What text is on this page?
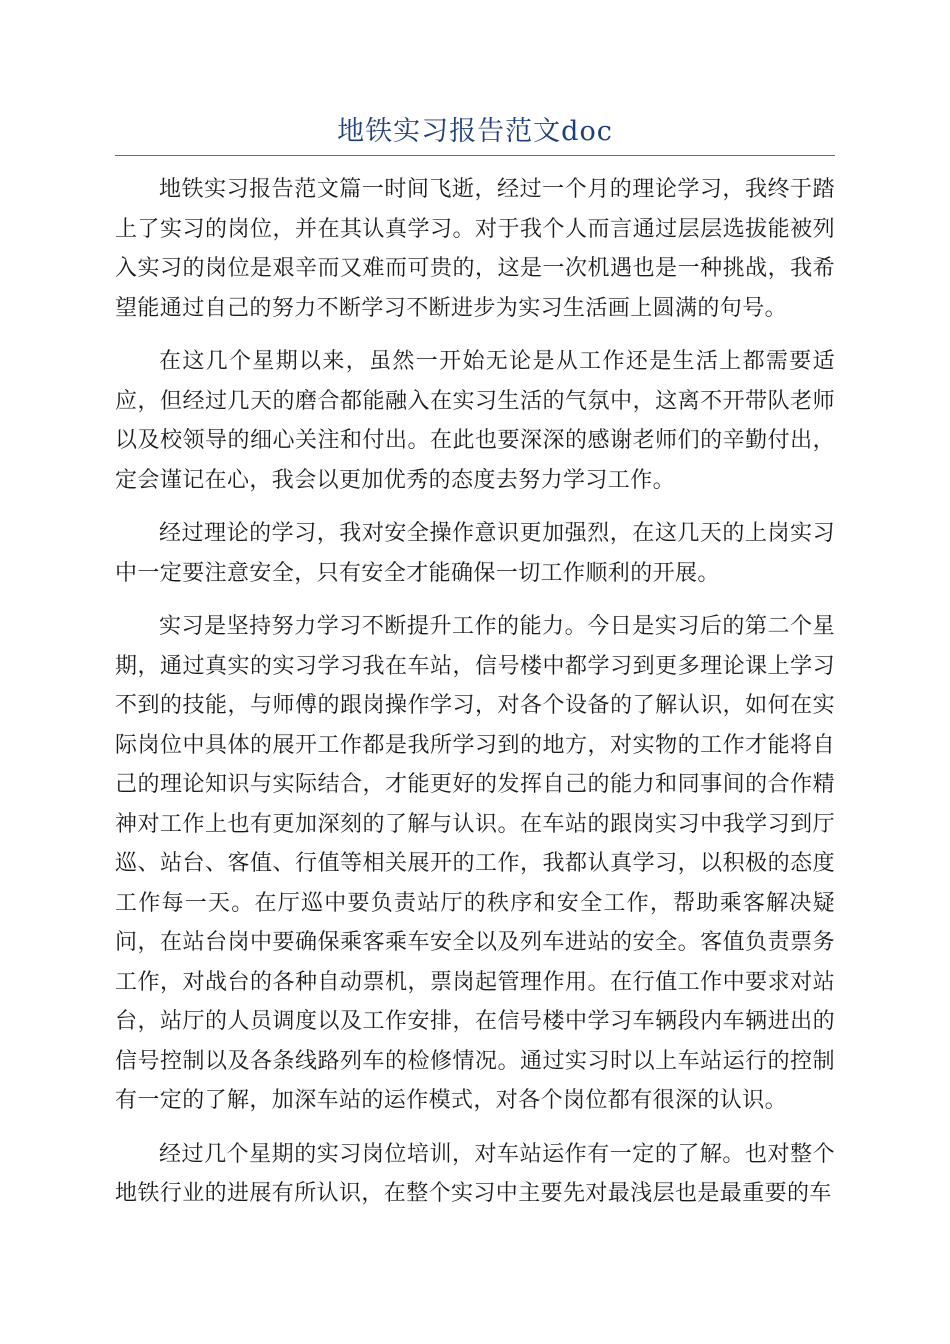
地铁实习报告范文doc

地铁实习报告范文篇一时间飞逝，经过一个月的理论学习，我终于踏上了实习的岗位，并在其认真学习。对于我个人而言通过层层选拔能被列入实习的岗位是艰辛而又难而可贵的，这是一次机遇也是一种挑战，我希望能通过自己的努力不断学习不断进步为实习生活画上圆满的句号。

在这几个星期以来，虽然一开始无论是从工作还是生活上都需要适应，但经过几天的磨合都能融入在实习生活的气氛中，这离不开带队老师以及校领导的细心关注和付出。在此也要深深的感谢老师们的辛勤付出，定会谨记在心，我会以更加优秀的态度去努力学习工作。

经过理论的学习，我对安全操作意识更加强烈，在这几天的上岗实习中一定要注意安全，只有安全才能确保一切工作顺利的开展。

实习是坚持努力学习不断提升工作的能力。今日是实习后的第二个星期，通过真实的实习学习我在车站，信号楼中都学习到更多理论课上学习不到的技能，与师傅的跟岗操作学习，对各个设备的了解认识，如何在实际岗位中具体的展开工作都是我所学习到的地方，对实物的工作才能将自己的理论知识与实际结合，才能更好的发挥自己的能力和同事间的合作精神对工作上也有更加深刻的了解与认识。在车站的跟岗实习中我学习到厅巡、站台、客值、行值等相关展开的工作，我都认真学习，以积极的态度工作每一天。在厅巡中要负责站厅的秩序和安全工作，帮助乘客解决疑问，在站台岗中要确保乘客乘车安全以及列车进站的安全。客值负责票务工作，对战台的各种自动票机，票岗起管理作用。在行值工作中要求对站台，站厅的人员调度以及工作安排，在信号楼中学习车辆段内车辆进出的信号控制以及各条线路列车的检修情况。通过实习时以上车站运行的控制有一定的了解，加深车站的运作模式，对各个岗位都有很深的认识。

经过几个星期的实习岗位培训，对车站运作有一定的了解。也对整个地铁行业的进展有所认识，在整个实习中主要先对最浅层也是最重要的车
